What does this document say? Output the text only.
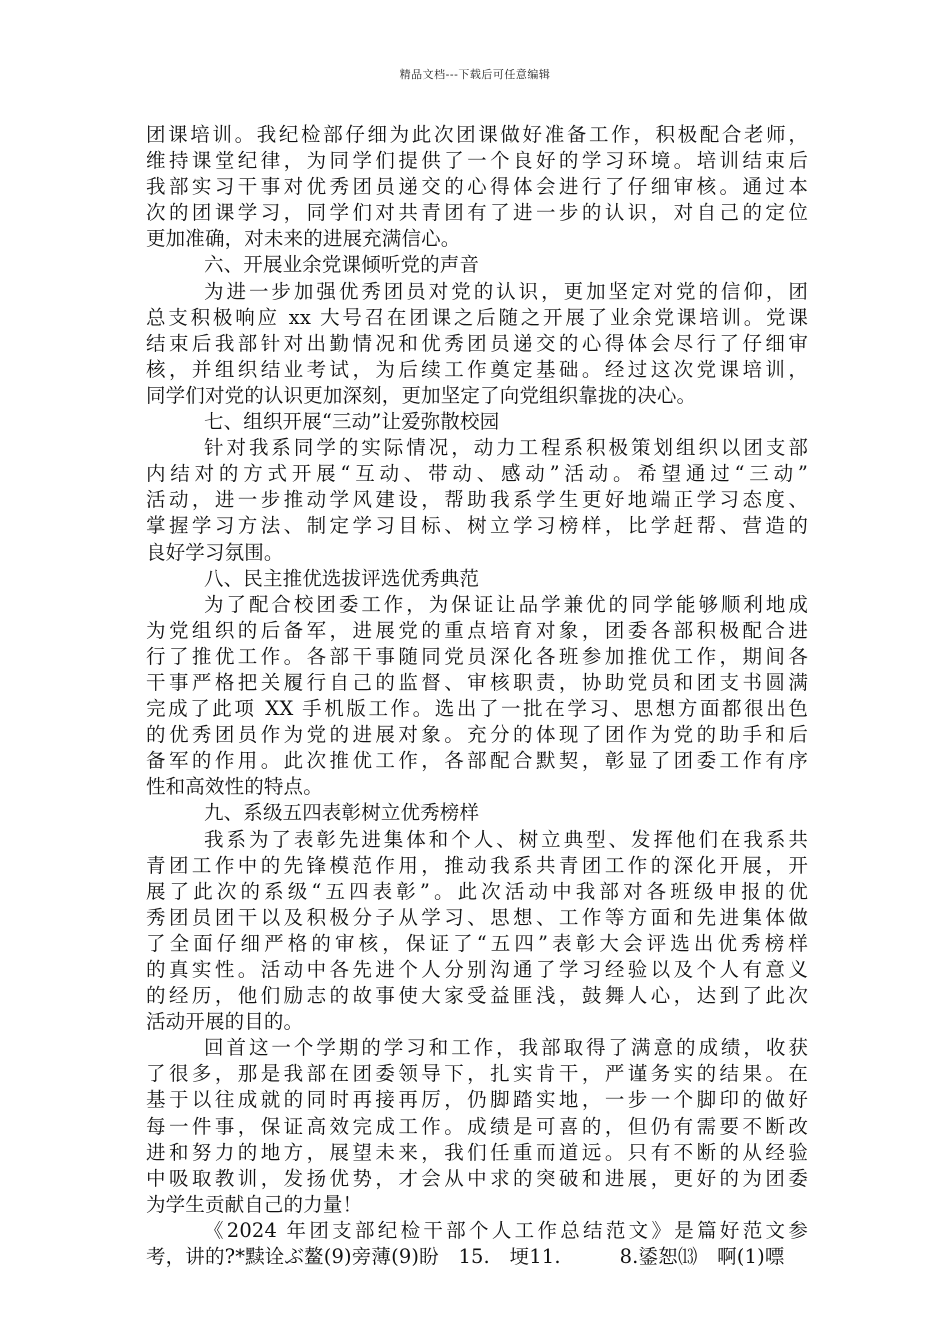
精品文档---下载后可任意编辑
团课培训。我纪检部仔细为此次团课做好准备工作，积极配合老师，
维持课堂纪律，为同学们提供了一个良好的学习环境。培训结束后
我部实习干事对优秀团员递交的心得体会进行了仔细审核。通过本
次的团课学习，同学们对共青团有了进一步的认识，对自己的定位
更加准确，对未来的进展充满信心。
六、开展业余党课倾听党的声音
为进一步加强优秀团员对党的认识，更加坚定对党的信仰，团
总支积极响应 xx 大号召在团课之后随之开展了业余党课培训。党课
结束后我部针对出勤情况和优秀团员递交的心得体会尽行了仔细审
核，并组织结业考试，为后续工作奠定基础。经过这次党课培训，
同学们对党的认识更加深刻，更加坚定了向党组织靠拢的决心。
七、组织开展“三动”让爱弥散校园
针对我系同学的实际情况，动力工程系积极策划组织以团支部
内结对的方式开展“互动、带动、感动”活动。希望通过“三动”
活动，进一步推动学风建设，帮助我系学生更好地端正学习态度、
掌握学习方法、制定学习目标、树立学习榜样，比学赶帮、营造的
良好学习氛围。
八、民主推优选拔评选优秀典范
为了配合校团委工作，为保证让品学兼优的同学能够顺利地成
为党组织的后备军，进展党的重点培育对象，团委各部积极配合进
行了推优工作。各部干事随同党员深化各班参加推优工作，期间各
干事严格把关履行自己的监督、审核职责，协助党员和团支书圆满
完成了此项 XX 手机版工作。选出了一批在学习、思想方面都很出色
的优秀团员作为党的进展对象。充分的体现了团作为党的助手和后
备军的作用。此次推优工作，各部配合默契，彰显了团委工作有序
性和高效性的特点。
九、系级五四表彰树立优秀榜样
我系为了表彰先进集体和个人、树立典型、发挥他们在我系共
青团工作中的先锋模范作用，推动我系共青团工作的深化开展，开
展了此次的系级“五四表彰”。此次活动中我部对各班级申报的优
秀团员团干以及积极分子从学习、思想、工作等方面和先进集体做
了全面仔细严格的审核，保证了“五四”表彰大会评选出优秀榜样
的真实性。活动中各先进个人分别沟通了学习经验以及个人有意义
的经历，他们励志的故事使大家受益匪浅，鼓舞人心，达到了此次
活动开展的目的。
回首这一个学期的学习和工作，我部取得了满意的成绩，收获
了很多，那是我部在团委领导下，扎实肯干，严谨务实的结果。在
基于以往成就的同时再接再厉，仍脚踏实地，一步一个脚印的做好
每一件事，保证高效完成工作。成绩是可喜的，但仍有需要不断改
进和努力的地方，展望未来，我们任重而道远。只有不断的从经验
中吸取教训，发扬优势，才会从中求的突破和进展，更好的为团委
为学生贡献自己的力量！
《2024 年团支部纪检干部个人工作总结范文》是篇好范文参
考，讲的?*黩诠ぶ鳌(9)旁薄(9)盼　15.　埂11.　　　8.鋈恕⒀　啊(1)嘌
